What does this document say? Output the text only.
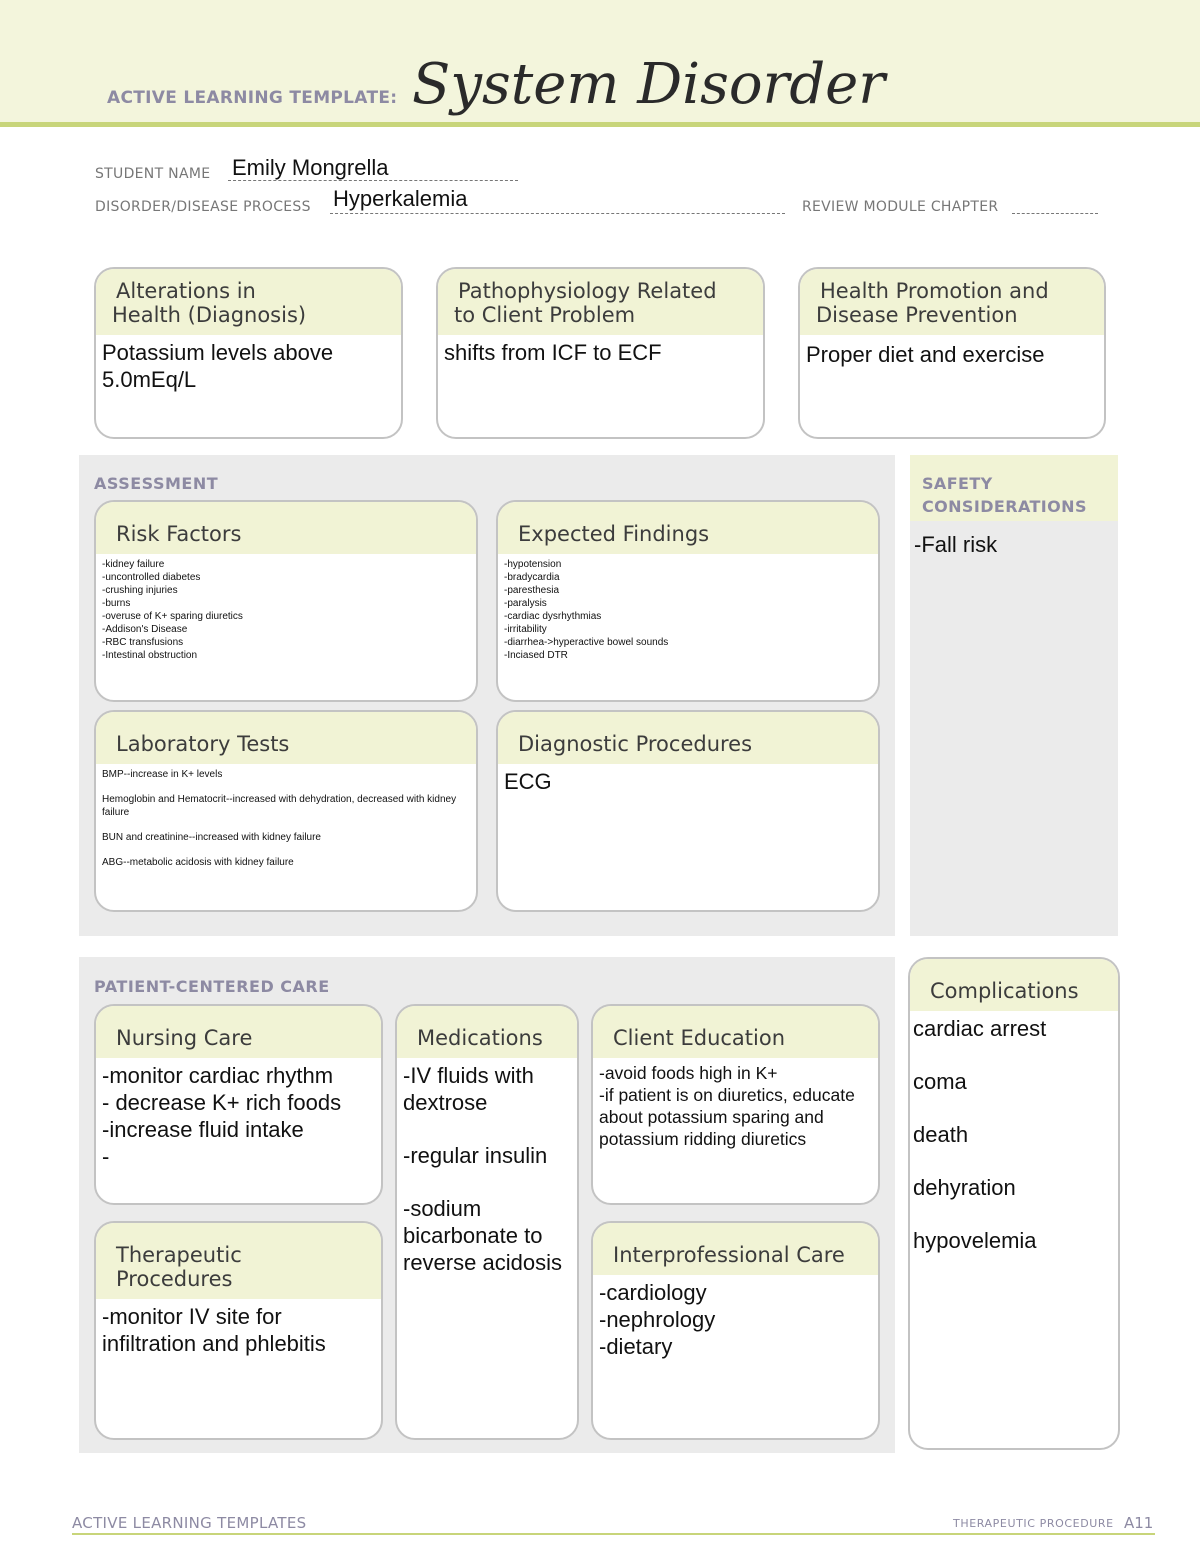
ACTIVE LEARNING TEMPLATE: System Disorder
STUDENT NAME Emily Mongrella
DISORDER/DISEASE PROCESS Hyperkalemia	REVIEW MODULE CHAPTER
Alterations in
Health (Diagnosis)
Potassium levels above
5.0mEq/L
Pathophysiology Related
to Client Problem
shifts from ICF to ECF
Health Promotion and
Disease Prevention
Proper diet and exercise
ASSESSMENT
Risk Factors
-kidney failure
-uncontrolled diabetes
-crushing injuries
-burns
-overuse of K+ sparing diuretics
-Addison's Disease
-RBC transfusions
-Intestinal obstruction
Expected Findings
-hypotension
-bradycardia
-paresthesia
-paralysis
-cardiac dysrhythmias
-irritability
-diarrhea->hyperactive bowel sounds
-Inciased DTR
Laboratory Tests
BMP--increase in K+ levels
Hemoglobin and Hematocrit--increased with dehydration, decreased with kidney failure
BUN and creatinine--increased with kidney failure
ABG--metabolic acidosis with kidney failure
Diagnostic Procedures
ECG
SAFETY
CONSIDERATIONS
-Fall risk
PATIENT-CENTERED CARE
Nursing Care
-monitor cardiac rhythm
- decrease K+ rich foods
-increase fluid intake
-
Medications
-IV fluids with dextrose
-regular insulin
-sodium bicarbonate to reverse acidosis
Client Education
-avoid foods high in K+
-if patient is on diuretics, educate about potassium sparing and potassium ridding diuretics
Therapeutic Procedures
-monitor IV site for infiltration and phlebitis
Interprofessional Care
-cardiology
-nephrology
-dietary
Complications
cardiac arrest
coma
death
dehyration
hypovelemia
ACTIVE LEARNING TEMPLATES	THERAPEUTIC PROCEDURE A11
